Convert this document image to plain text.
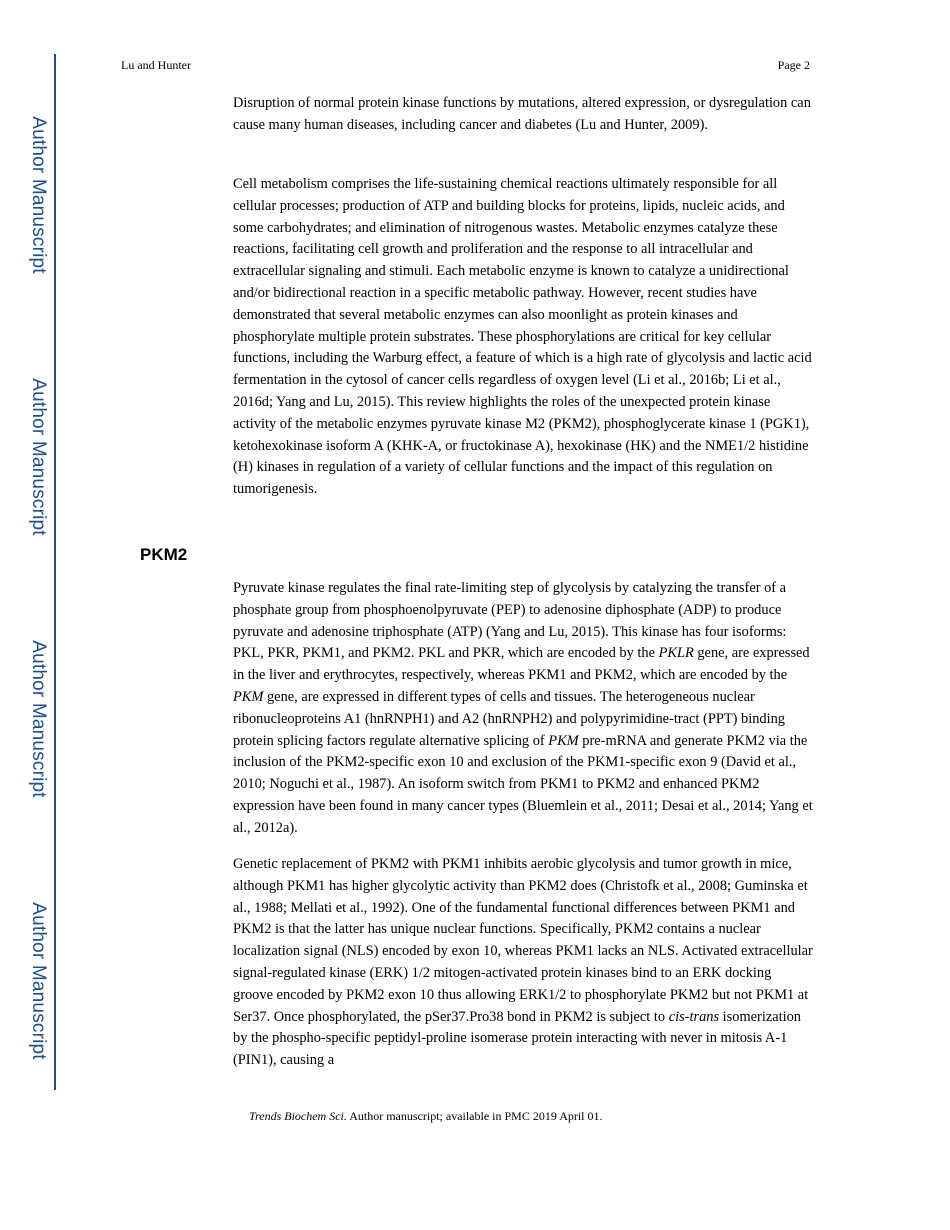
Author Manuscript
Author Manuscript
Author Manuscript
Author Manuscript
Lu and Hunter	Page 2

Disruption of normal protein kinase functions by mutations, altered expression, or dysregulation can cause many human diseases, including cancer and diabetes (Lu and Hunter, 2009).

Cell metabolism comprises the life-sustaining chemical reactions ultimately responsible for all cellular processes; production of ATP and building blocks for proteins, lipids, nucleic acids, and some carbohydrates; and elimination of nitrogenous wastes. Metabolic enzymes catalyze these reactions, facilitating cell growth and proliferation and the response to all intracellular and extracellular signaling and stimuli. Each metabolic enzyme is known to catalyze a unidirectional and/or bidirectional reaction in a specific metabolic pathway. However, recent studies have demonstrated that several metabolic enzymes can also moonlight as protein kinases and phosphorylate multiple protein substrates. These phosphorylations are critical for key cellular functions, including the Warburg effect, a feature of which is a high rate of glycolysis and lactic acid fermentation in the cytosol of cancer cells regardless of oxygen level (Li et al., 2016b; Li et al., 2016d; Yang and Lu, 2015). This review highlights the roles of the unexpected protein kinase activity of the metabolic enzymes pyruvate kinase M2 (PKM2), phosphoglycerate kinase 1 (PGK1), ketohexokinase isoform A (KHK-A, or fructokinase A), hexokinase (HK) and the NME1/2 histidine (H) kinases in regulation of a variety of cellular functions and the impact of this regulation on tumorigenesis.

PKM2

Pyruvate kinase regulates the final rate-limiting step of glycolysis by catalyzing the transfer of a phosphate group from phosphoenolpyruvate (PEP) to adenosine diphosphate (ADP) to produce pyruvate and adenosine triphosphate (ATP) (Yang and Lu, 2015). This kinase has four isoforms: PKL, PKR, PKM1, and PKM2. PKL and PKR, which are encoded by the PKLR gene, are expressed in the liver and erythrocytes, respectively, whereas PKM1 and PKM2, which are encoded by the PKM gene, are expressed in different types of cells and tissues. The heterogeneous nuclear ribonucleoproteins A1 (hnRNPH1) and A2 (hnRNPH2) and polypyrimidine-tract (PPT) binding protein splicing factors regulate alternative splicing of PKM pre-mRNA and generate PKM2 via the inclusion of the PKM2-specific exon 10 and exclusion of the PKM1-specific exon 9 (David et al., 2010; Noguchi et al., 1987). An isoform switch from PKM1 to PKM2 and enhanced PKM2 expression have been found in many cancer types (Bluemlein et al., 2011; Desai et al., 2014; Yang et al., 2012a).

Genetic replacement of PKM2 with PKM1 inhibits aerobic glycolysis and tumor growth in mice, although PKM1 has higher glycolytic activity than PKM2 does (Christofk et al., 2008; Guminska et al., 1988; Mellati et al., 1992). One of the fundamental functional differences between PKM1 and PKM2 is that the latter has unique nuclear functions. Specifically, PKM2 contains a nuclear localization signal (NLS) encoded by exon 10, whereas PKM1 lacks an NLS. Activated extracellular signal-regulated kinase (ERK) 1/2 mitogen-activated protein kinases bind to an ERK docking groove encoded by PKM2 exon 10 thus allowing ERK1/2 to phosphorylate PKM2 but not PKM1 at Ser37. Once phosphorylated, the pSer37.Pro38 bond in PKM2 is subject to cis-trans isomerization by the phospho-specific peptidyl-proline isomerase protein interacting with never in mitosis A-1 (PIN1), causing a

Trends Biochem Sci. Author manuscript; available in PMC 2019 April 01.
